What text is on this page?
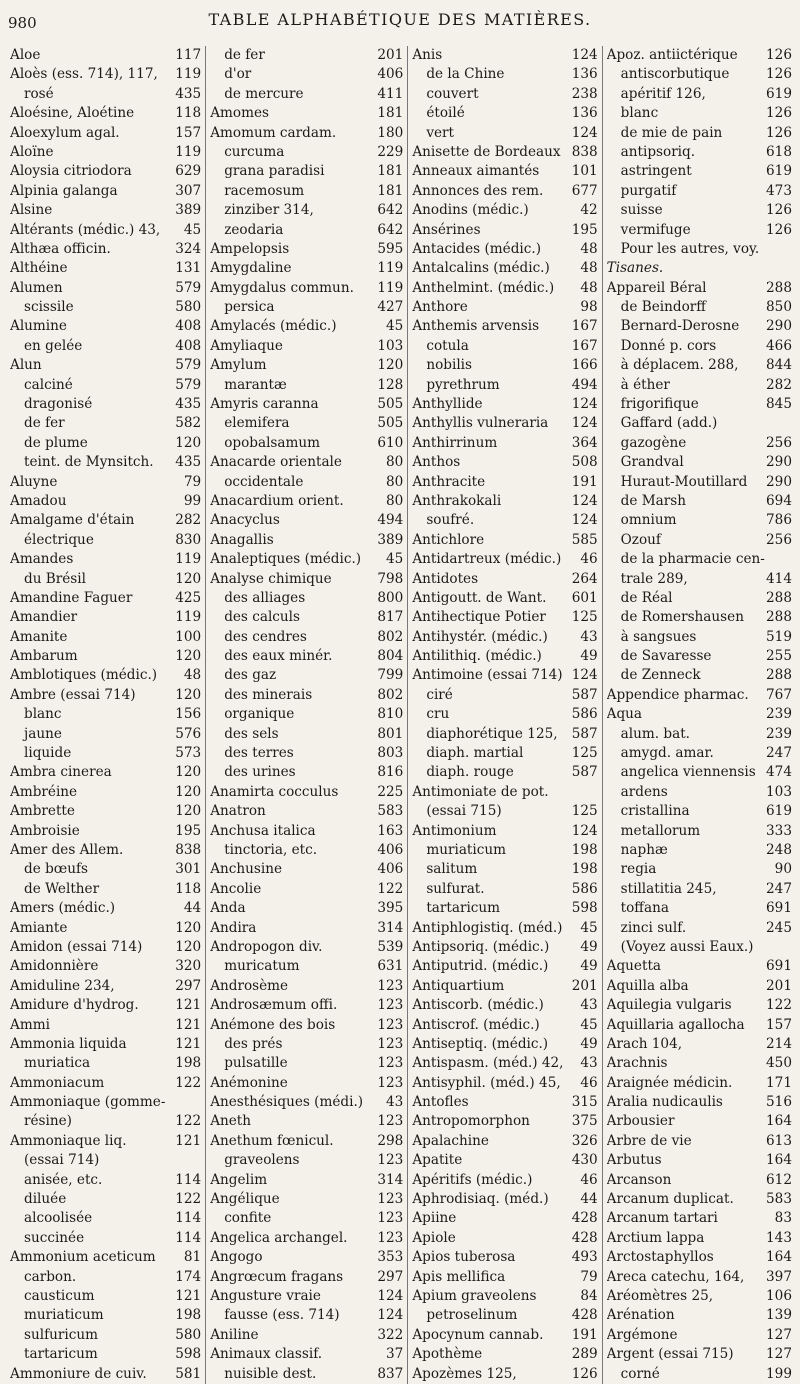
980	TABLE ALPHABÉTIQUE DES MATIÈRES.
Aloe	117
Aloès (ess. 714), 117, 119
rosé	435
Aloésine, Aloétine	118
Aloexylum agal.	157
Aloïne	119
Aloysia citriodora	629
Alpinia galanga	307
Alsine	389
Altérants (médic.) 43, 45
Althæa officin.	324
Althéine	131
Alumen	579
scissile	580
Alumine	408
en gelée	408
Alun	579
calciné	579
dragonisé	435
de fer	582
de plume	120
teint. de Mynsitch. 435
Aluyne	79
Amadou	99
Amalgame d'étain	282
électrique	830
Amandes	119
du Brésil	120
Amandine Faguer	425
Amandier	119
Amanite	100
Ambarum	120
Amblotiques (médic.) 48
Ambre (essai 714)	120
blanc	156
jaune	576
liquide	573
Ambra cinerea	120
Ambréine	120
Ambrette	120
Ambroisie	195
Amer des Allem.	838
de bœufs	301
de Welther	118
Amers (médic.)	44
Amiante	120
Amidon (essai 714) 120
Amidonnière	320
Amiduline 234,	297
Amidure d'hydrog.	121
Ammi	121
Ammonia liquida	121
muriatica	198
Ammoniacum	122
Ammoniaque (gomme-
résine)	122
Ammoniaque liq.	121
(essai 714)
anisée, etc.	114
diluée	122
alcoolisée	114
succinée	114
Ammonium aceticum 81
carbon.	174
causticum	121
muriaticum	198
sulfuricum	580
tartaricum	598
Ammoniure de cuiv. 581
de fer	201
d'or	406
de mercure	411
Amomes	181
Amomum cardam.	180
curcuma	229
grana paradisi	181
racemosum	181
zinziber 314,	642
zeodaria	642
Ampelopsis	595
Amygdaline	119
Amygdalus commun. 119
persica	427
Amylacés (médic.)	45
Amyliaque	103
Amylum	120
marantæ	128
Amyris caranna	505
elemifera	505
opobalsamum	610
Anacarde orientale	80
occidentale	80
Anacardium orient.	80
Anacyclus	494
Anagallis	389
Analeptiques (médic.) 45
Analyse chimique	798
des alliages	800
des calculs	817
des cendres	802
des eaux minér.	804
des gaz	799
des minerais	802
organique	810
des sels	801
des terres	803
des urines	816
Anamirta cocculus	225
Anatron	583
Anchusa italica	163
tinctoria, etc.	406
Anchusine	406
Ancolie	122
Anda	395
Andira	314
Andropogon div.	539
muricatum	631
Androsème	123
Androsæmum offi.	123
Anémone des bois	123
des prés	123
pulsatille	123
Anémonine	123
Anesthésiques (médi.) 43
Aneth	123
Anethum fœnicul.	298
graveolens	123
Angelim	314
Angélique	123
confite	123
Angelica archangel. 123
Angogo	353
Angrœcum fragans	297
Angusture vraie	124
fausse (ess. 714)	124
Aniline	322
Animaux classif.	37
nuisible dest.	837
Anis	124
de la Chine	136
couvert	238
étoilé	136
vert	124
Anisette de Bordeaux 838
Anneaux aimantés 101
Annonces des rem. 677
Anodins (médic.)	42
Ansérines	195
Antacides (médic.)	48
Antalcalins (médic.) 48
Anthelmint. (médic.) 48
Anthore	98
Anthemis arvensis 167
cotula	167
nobilis	166
pyrethrum	494
Anthyllide	124
Anthyllis vulneraria 124
Anthirrinum	364
Anthos	508
Anthracite	191
Anthrakokali	124
soufré.	124
Antichlore	585
Antidartreux (médic.) 46
Antidotes	264
Antigoutt. de Want. 601
Antihectique Potier 125
Antihystér. (médic.) 43
Antilithiq. (médic.)	49
Antimoine (essai 714) 124
ciré	587
cru	586
diaphorétique 125, 587
diaph. martial	125
diaph. rouge	587
Antimoniate de pot.
(essai 715)	125
Antimonium	124
muriaticum	198
salitum	198
sulfurat.	586
tartaricum	598
Antiphlogistiq. (méd.) 45
Antipsoriq. (médic.) 49
Antiputrid. (médic.) 49
Antiquartium	201
Antiscorb. (médic.)	43
Antiscrof. (médic.)	45
Antiseptiq. (médic.) 49
Antispasm. (méd.) 42, 43
Antisyphil. (méd.) 45, 46
Antofles	315
Antropomorphon	375
Apalachine	326
Apatite	430
Apéritifs (médic.)	46
Aphrodisiaq. (méd.) 44
Apiine	428
Apiole	428
Apios tuberosa	493
Apis mellifica	79
Apium graveolens	84
petroselinum	428
Apocynum cannab. 191
Apothème	289
Apozèmes 125,	126
Apoz. antiictérique 126
antiscorbutique	126
apéritif 126,	619
blanc	126
de mie de pain	126
antipsoriq.	618
astringent	619
purgatif	473
suisse	126
vermifuge	126
Pour les autres, voy.
Tisanes.
Appareil Béral	288
de Beindorff	850
Bernard-Derosne 290
Donné p. cors	466
à déplacem. 288, 844
à éther	282
frigorifique	845
Gaffard (add.)
gazogène	256
Grandval	290
Huraut-Moutillard 290
de Marsh	694
omnium	786
Ozouf	256
de la pharmacie cen-
trale 289,	414
de Réal	288
de Romershausen 288
à sangsues	519
de Savaresse	255
de Zenneck	288
Appendice pharmac. 767
Aqua	239
alum. bat.	239
amygd. amar.	247
angelica viennensis 474
ardens	103
cristallina	619
metallorum	333
naphæ	248
regia	90
stillatitia 245,	247
toffana	691
zinci sulf.	245
(Voyez aussi Eaux.)
Aquetta	691
Aquilla alba	201
Aquilegia vulgaris	122
Aquillaria agallocha 157
Arach 104,	214
Arachnis	450
Araignée médicin. 171
Aralia nudicaulis	516
Arbousier	164
Arbre de vie	613
Arbutus	164
Arcanson	612
Arcanum duplicat. 583
Arcanum tartari	83
Arctium lappa	143
Arctostaphyllos	164
Areca catechu, 164, 397
Aréomètres 25,	106
Arénation	139
Argémone	127
Argent (essai 715) 127
corné	199
